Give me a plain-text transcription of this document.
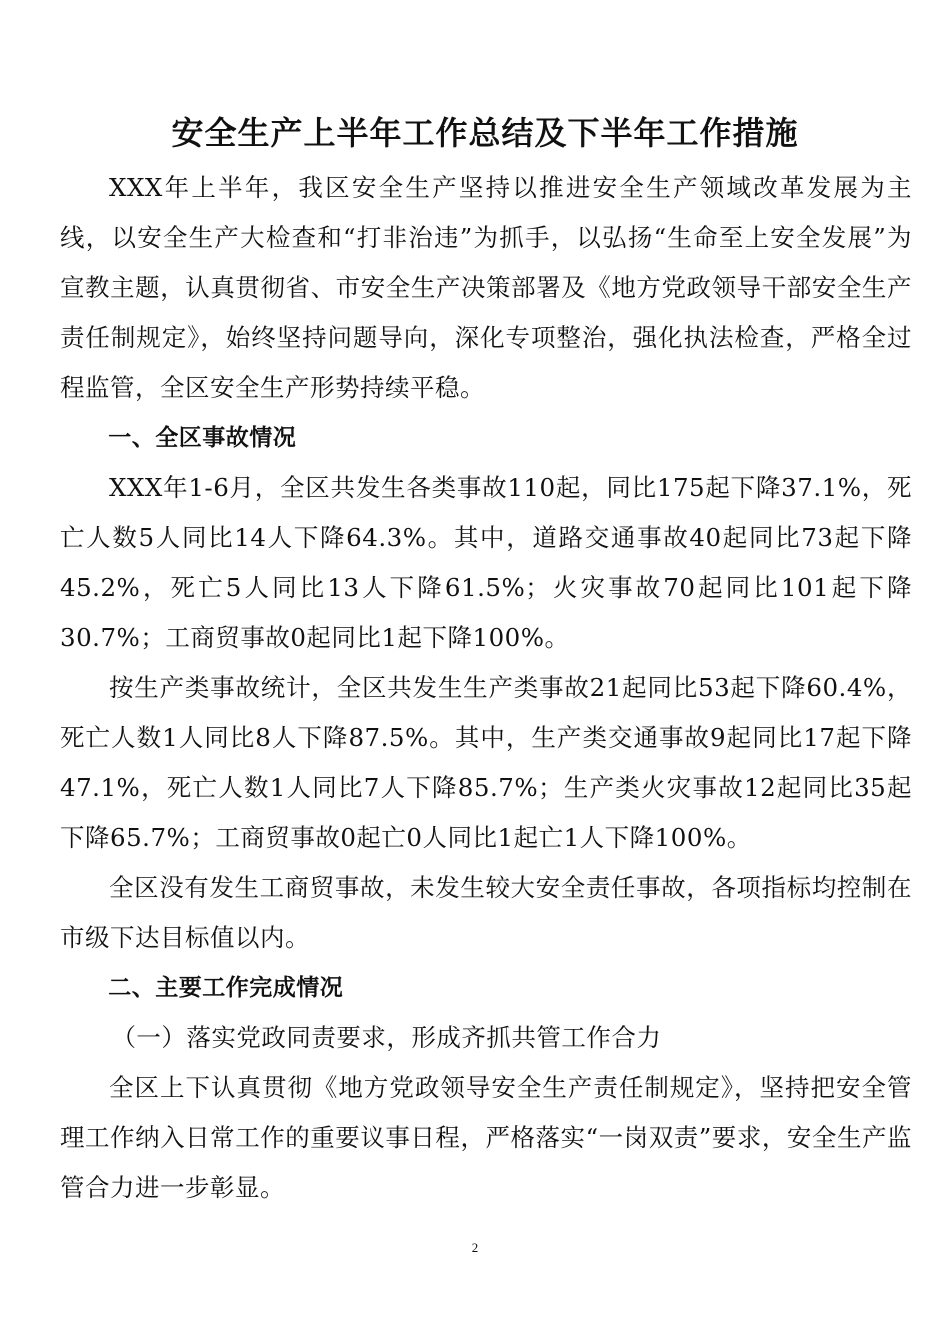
安全生产上半年工作总结及下半年工作措施

XXX年上半年，我区安全生产坚持以推进安全生产领域改革发展为主线，以安全生产大检查和“打非治违”为抓手，以弘扬“生命至上安全发展”为宣教主题，认真贯彻省、市安全生产决策部署及《地方党政领导干部安全生产责任制规定》，始终坚持问题导向，深化专项整治，强化执法检查，严格全过程监管，全区安全生产形势持续平稳。

一、全区事故情况

XXX年1-6月，全区共发生各类事故110起，同比175起下降37.1%，死亡人数5人同比14人下降64.3%。其中，道路交通事故40起同比73起下降45.2%，死亡5人同比13人下降61.5%；火灾事故70起同比101起下降30.7%；工商贸事故0起同比1起下降100%。

按生产类事故统计，全区共发生生产类事故21起同比53起下降60.4%，死亡人数1人同比8人下降87.5%。其中，生产类交通事故9起同比17起下降47.1%，死亡人数1人同比7人下降85.7%；生产类火灾事故12起同比35起下降65.7%；工商贸事故0起亡0人同比1起亡1人下降100%。

全区没有发生工商贸事故，未发生较大安全责任事故，各项指标均控制在市级下达目标值以内。

二、主要工作完成情况

（一）落实党政同责要求，形成齐抓共管工作合力

全区上下认真贯彻《地方党政领导安全生产责任制规定》，坚持把安全管理工作纳入日常工作的重要议事日程，严格落实“一岗双责”要求，安全生产监管合力进一步彰显。

2
